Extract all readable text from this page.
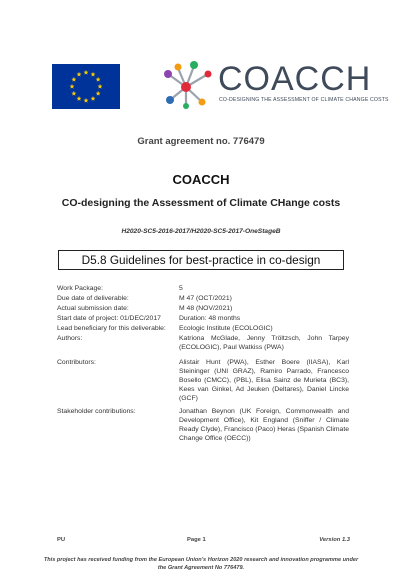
COACCH
CO-DESIGNING THE ASSESSMENT OF CLIMATE CHANGE COSTS
Grant agreement no. 776479
COACCH
CO-designing the Assessment of Climate CHange costs
H2020-SC5-2016-2017/H2020-SC5-2017-OneStageB
D5.8 Guidelines for best-practice in co-design
Work Package:	5
Due date of deliverable:	M 47 (OCT/2021)
Actual submission date:	M 48 (NOV/2021)
Start date of project: 01/DEC/2017	Duration: 48 months
Lead beneficiary for this deliverable:	Ecologic Institute (ECOLOGIC)
Authors:	Katriona McGlade, Jenny Tröltzsch, John Tarpey (ECOLOGIC), Paul Watkiss (PWA)
Contributors:	Alistair Hunt (PWA), Esther Boere (IIASA), Karl Steininger (UNI GRAZ), Ramiro Parrado, Francesco Bosello (CMCC), (PBL), Elisa Sainz de Murieta (BC3), Kees van Ginkel, Ad Jeuken (Deltares), Daniel Lincke (GCF)
Stakeholder contributions:	Jonathan Beynon (UK Foreign, Commonwealth and Development Office), Kit England (Sniffer / Climate Ready Clyde), Francisco (Paco) Heras (Spanish Climate Change Office (OECC))
PU	Page 1	Version 1.3
This project has received funding from the European Union's Horizon 2020 research and innovation programme under the Grant Agreement No 776479.
